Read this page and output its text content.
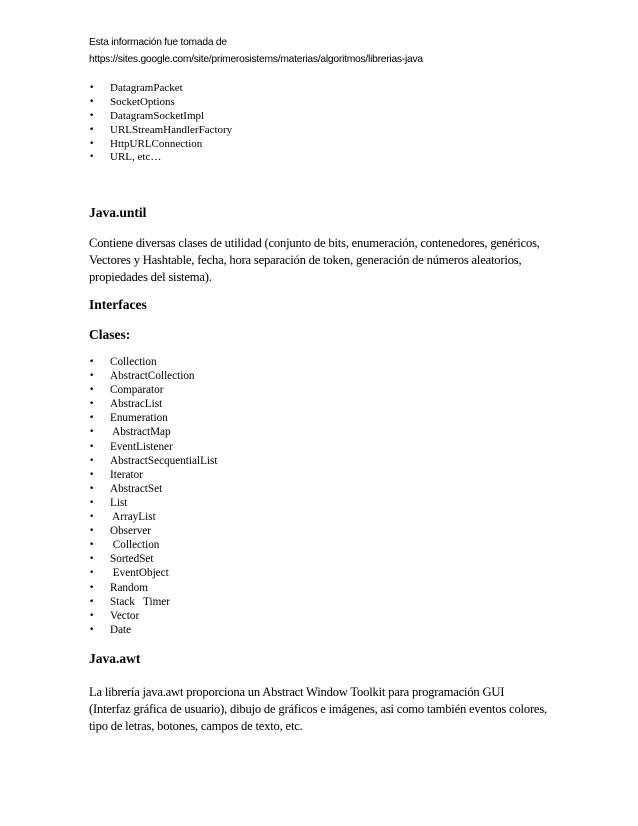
Esta información fue tomada de
https://sites.google.com/site/primerosistems/materias/algoritmos/librerias-java
• DatagramPacket
• SocketOptions
• DatagramSocketImpl
• URLStreamHandlerFactory
• HttpURLConnection
• URL, etc…
Java.until
Contiene diversas clases de utilidad (conjunto de bits, enumeración, contenedores, genéricos,
Vectores y Hashtable, fecha, hora separación de token, generación de números aleatorios,
propiedades del sistema).
Interfaces
Clases:
• Collection
• AbstractCollection
• Comparator
• AbstracList
• Enumeration
• AbstractMap
• EventListener
• AbstractSecquentialList
• Iterator
• AbstractSet
• List
• ArrayList
• Observer
• Collection
• SortedSet
• EventObject
• Random
• Stack   Timer
• Vector
• Date
Java.awt
La librería java.awt proporciona un Abstract Window Toolkit para programación GUI
(Interfaz gráfica de usuario), dibujo de gráficos e imágenes, asi como también eventos colores,
tipo de letras, botones, campos de texto, etc.
